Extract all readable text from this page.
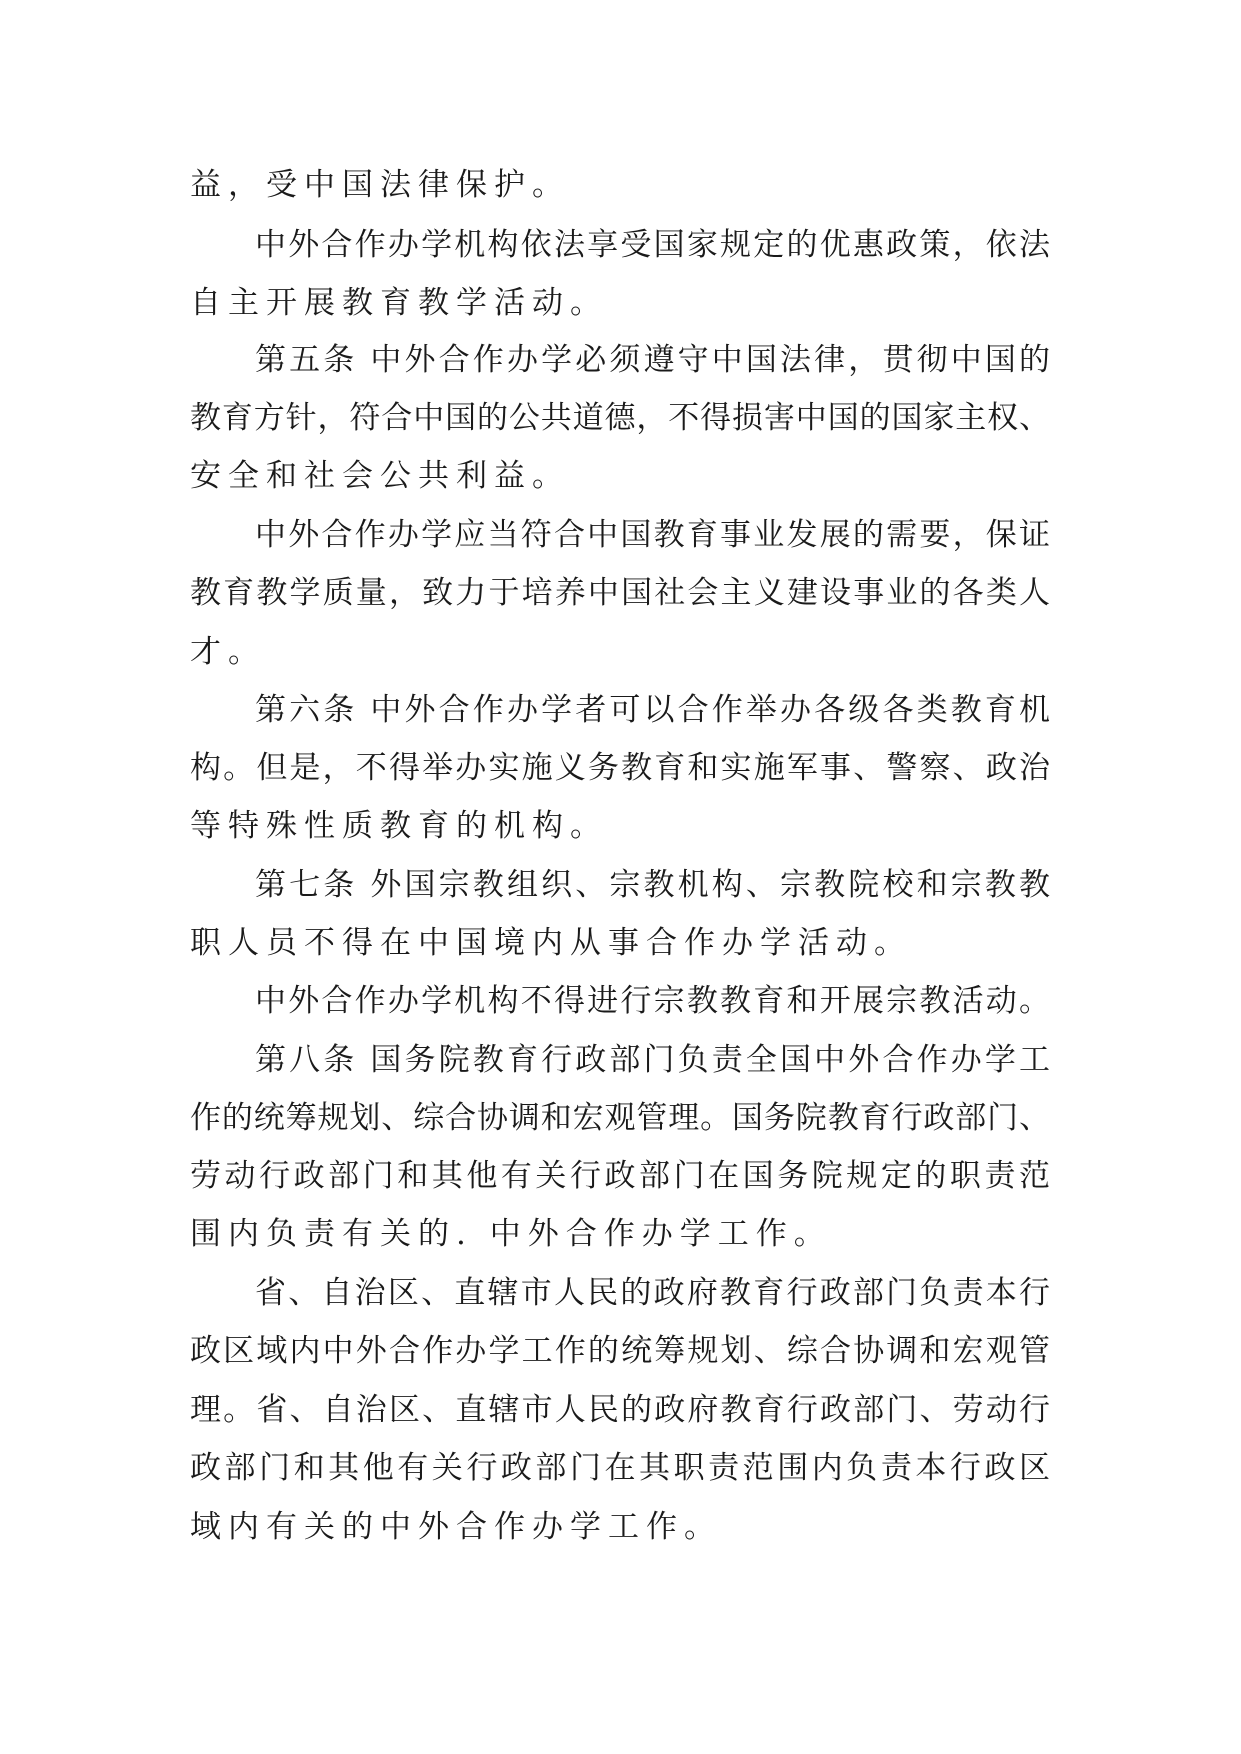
益，受中国法律保护。
中外合作办学机构依法享受国家规定的优惠政策，依法
自主开展教育教学活动。
第五条 中外合作办学必须遵守中国法律，贯彻中国的
教育方针，符合中国的公共道德，不得损害中国的国家主权、
安全和社会公共利益。
中外合作办学应当符合中国教育事业发展的需要，保证
教育教学质量，致力于培养中国社会主义建设事业的各类人
才。
第六条 中外合作办学者可以合作举办各级各类教育机
构。但是，不得举办实施义务教育和实施军事、警察、政治
等特殊性质教育的机构。
第七条 外国宗教组织、宗教机构、宗教院校和宗教教
职人员不得在中国境内从事合作办学活动。
中外合作办学机构不得进行宗教教育和开展宗教活动。
第八条 国务院教育行政部门负责全国中外合作办学工
作的统筹规划、综合协调和宏观管理。国务院教育行政部门、
劳动行政部门和其他有关行政部门在国务院规定的职责范
围内负责有关的. 中外合作办学工作。
省、自治区、直辖市人民的政府教育行政部门负责本行
政区域内中外合作办学工作的统筹规划、综合协调和宏观管
理。省、自治区、直辖市人民的政府教育行政部门、劳动行
政部门和其他有关行政部门在其职责范围内负责本行政区
域内有关的中外合作办学工作。
